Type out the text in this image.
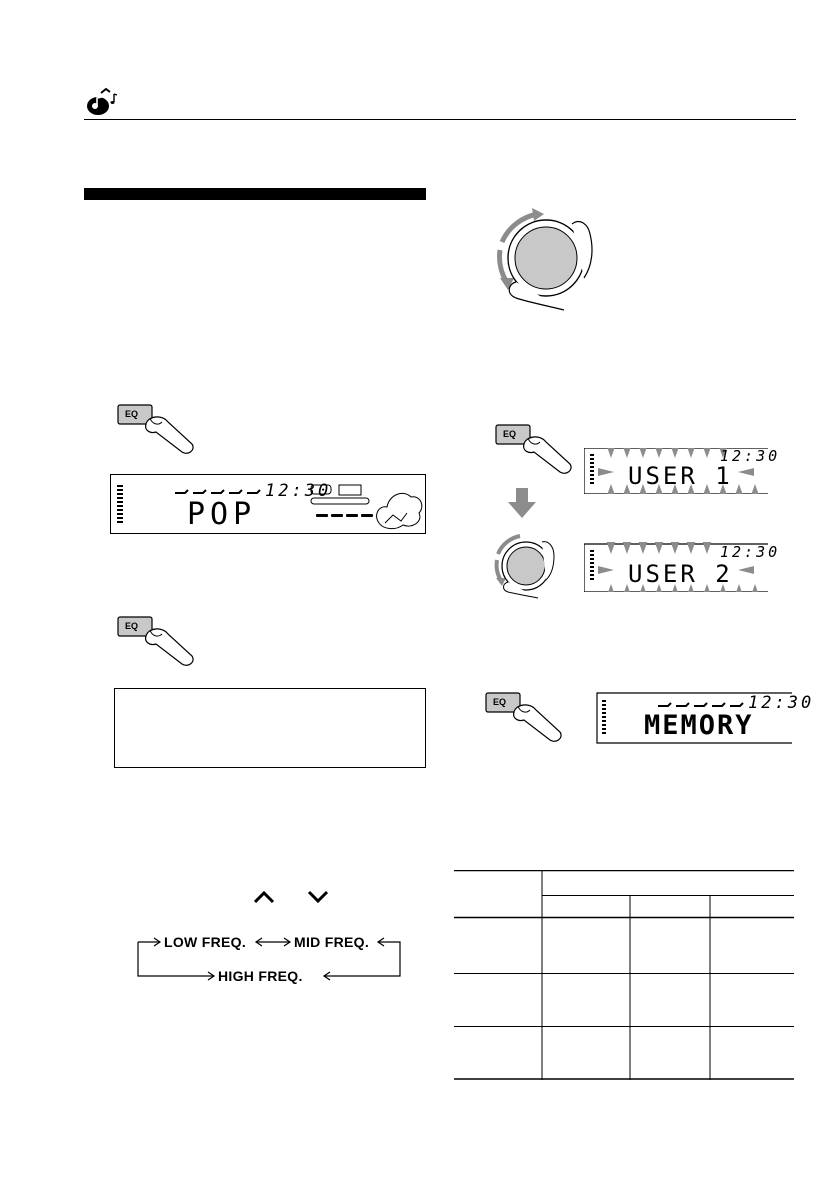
EQ
12:30
POP
EQ
LOW FREQ.	MID FREQ.
HIGH FREQ.
EQ
12:30
USER 1
12:30
USER 2
EQ	12:30
MEMORY
